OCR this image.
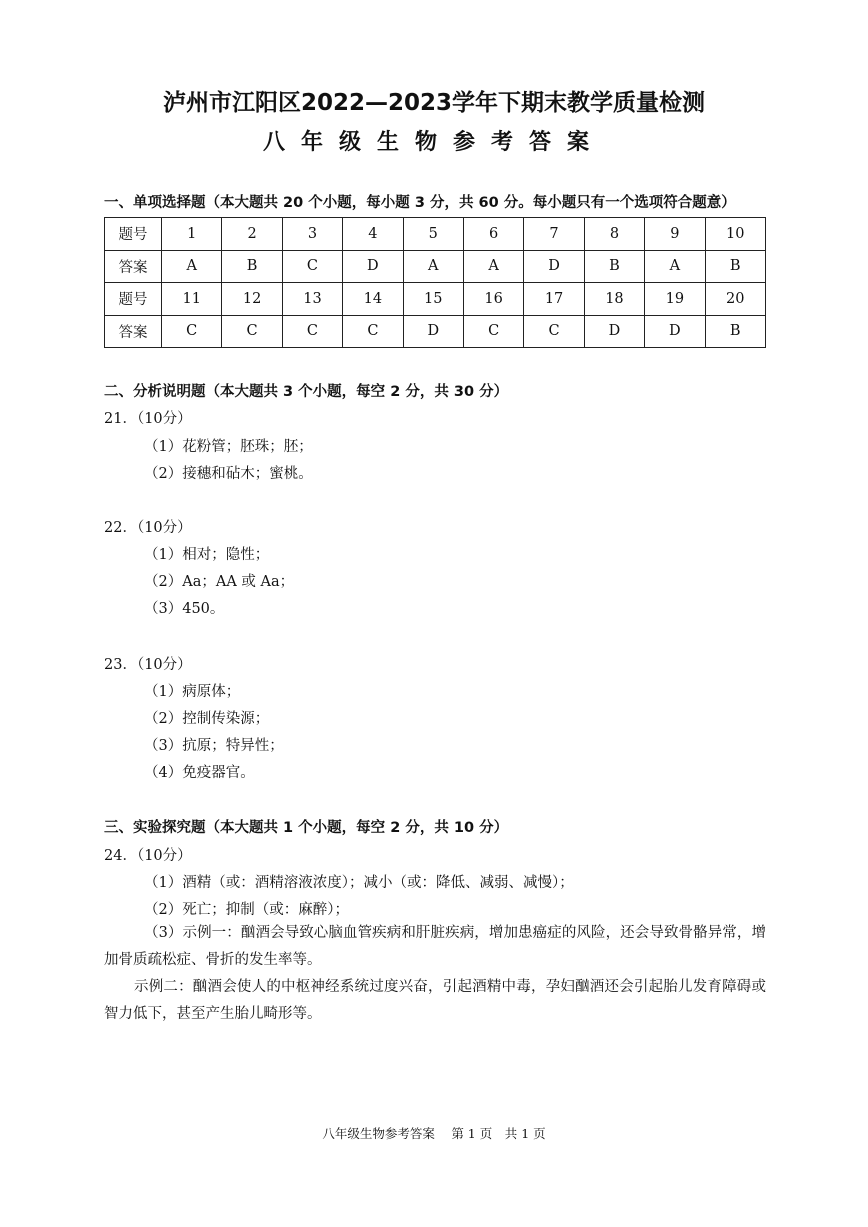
泸州市江阳区2022—2023学年下期末教学质量检测
八年级生物参考答案
一、单项选择题（本大题共 20 个小题，每小题 3 分，共 60 分。每小题只有一个选项符合题意）
题号	1	2	3	4	5	6	7	8	9	10
答案	A	B	C	D	A	A	D	B	A	B
题号	11	12	13	14	15	16	17	18	19	20
答案	C	C	C	C	D	C	C	D	D	B
二、分析说明题（本大题共 3 个小题，每空 2 分，共 30 分）
21．（10分）
（1）花粉管；胚珠；胚；
（2）接穗和砧木；蜜桃。
22．（10分）
（1）相对；隐性；
（2）Aa；AA 或 Aa；
（3）450。
23．（10分）
（1）病原体；
（2）控制传染源；
（3）抗原；特异性；
（4）免疫器官。
三、实验探究题（本大题共 1 个小题，每空 2 分，共 10 分）
24．（10分）
（1）酒精（或：酒精溶液浓度）；减小（或：降低、减弱、减慢）；
（2）死亡；抑制（或：麻醉）；
（3）示例一：酗酒会导致心脑血管疾病和肝脏疾病，增加患癌症的风险，还会导致骨骼异常，增加骨质疏松症、骨折的发生率等。
示例二：酗酒会使人的中枢神经系统过度兴奋，引起酒精中毒，孕妇酗酒还会引起胎儿发育障碍或智力低下，甚至产生胎儿畸形等。
八年级生物参考答案　 第 1 页　共 1 页
